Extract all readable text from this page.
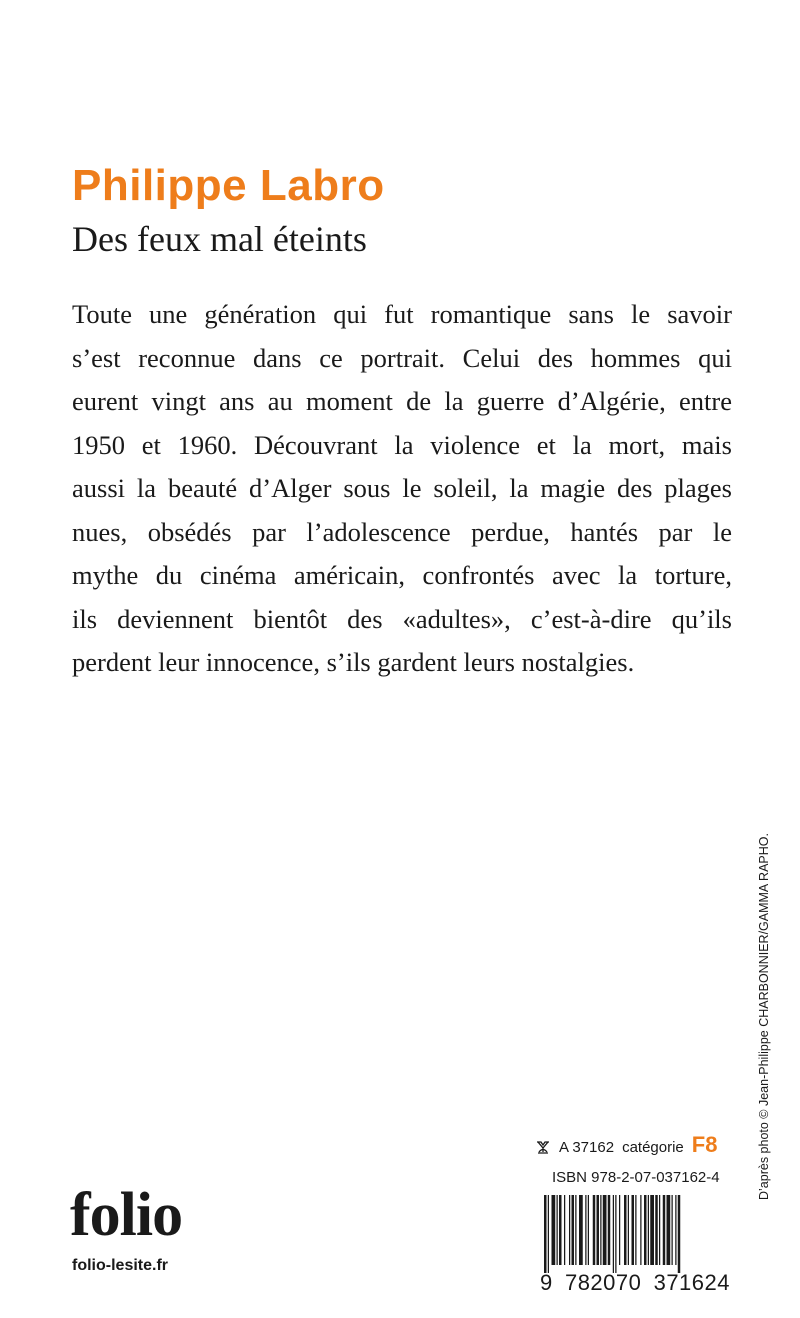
Philippe Labro
Des feux mal éteints
Toute une génération qui fut romantique sans le savoir
s’est reconnue dans ce portrait. Celui des hommes qui
eurent vingt ans au moment de la guerre d’Algérie, entre
1950 et 1960. Découvrant la violence et la mort, mais
aussi la beauté d’Alger sous le soleil, la magie des plages
nues, obsédés par l’adolescence perdue, hantés par le
mythe du cinéma américain, confrontés avec la torture,
ils deviennent bientôt des «adultes», c’est-à-dire qu’ils
perdent leur innocence, s’ils gardent leurs nostalgies.
D’après photo © Jean-Philippe CHARBONNIER/GAMMA RAPHO.
A 37162 catégorie F8
ISBN 978-2-07-037162-4
9 782070 371624
folio
folio-lesite.fr
